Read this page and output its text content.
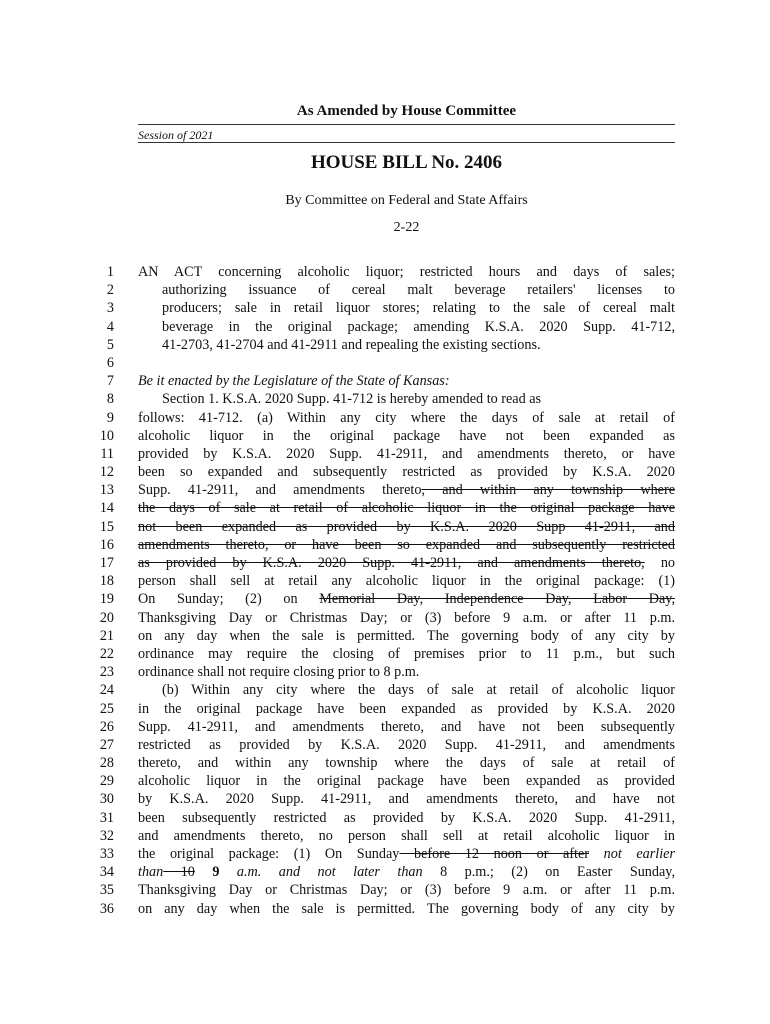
As Amended by House Committee
Session of 2021
HOUSE BILL No. 2406
By Committee on Federal and State Affairs
2-22
1 AN ACT concerning alcoholic liquor; restricted hours and days of sales;
2	authorizing issuance of cereal malt beverage retailers' licenses to
3	producers; sale in retail liquor stores; relating to the sale of cereal malt
4	beverage in the original package; amending K.S.A. 2020 Supp. 41-712,
5	41-2703, 41-2704 and 41-2911 and repealing the existing sections.
6
7 Be it enacted by the Legislature of the State of Kansas:
8	Section 1. K.S.A. 2020 Supp. 41-712 is hereby amended to read as
9 follows: 41-712. (a) Within any city where the days of sale at retail of
10 alcoholic liquor in the original package have not been expanded as
11 provided by K.S.A. 2020 Supp. 41-2911, and amendments thereto, or have
12 been so expanded and subsequently restricted as provided by K.S.A. 2020
13 Supp. 41-2911, and amendments thereto, and within any township where
14 the days of sale at retail of alcoholic liquor in the original package have
15 not been expanded as provided by K.S.A. 2020 Supp 41-2911, and
16 amendments thereto, or have been so expanded and subsequently restricted
17 as provided by K.S.A. 2020 Supp. 41-2911, and amendments thereto, no
18 person shall sell at retail any alcoholic liquor in the original package: (1)
19 On Sunday; (2) on Memorial Day, Independence Day, Labor Day,
20 Thanksgiving Day or Christmas Day; or (3) before 9 a.m. or after 11 p.m.
21 on any day when the sale is permitted. The governing body of any city by
22 ordinance may require the closing of premises prior to 11 p.m., but such
23 ordinance shall not require closing prior to 8 p.m.
24	(b) Within any city where the days of sale at retail of alcoholic liquor
25 in the original package have been expanded as provided by K.S.A. 2020
26 Supp. 41-2911, and amendments thereto, and have not been subsequently
27 restricted as provided by K.S.A. 2020 Supp. 41-2911, and amendments
28 thereto, and within any township where the days of sale at retail of
29 alcoholic liquor in the original package have been expanded as provided
30 by K.S.A. 2020 Supp. 41-2911, and amendments thereto, and have not
31 been subsequently restricted as provided by K.S.A. 2020 Supp. 41-2911,
32 and amendments thereto, no person shall sell at retail alcoholic liquor in
33 the original package: (1) On Sunday before 12 noon or after not earlier
34 than 10 9 a.m. and not later than 8 p.m.; (2) on Easter Sunday,
35 Thanksgiving Day or Christmas Day; or (3) before 9 a.m. or after 11 p.m.
36 on any day when the sale is permitted. The governing body of any city by
